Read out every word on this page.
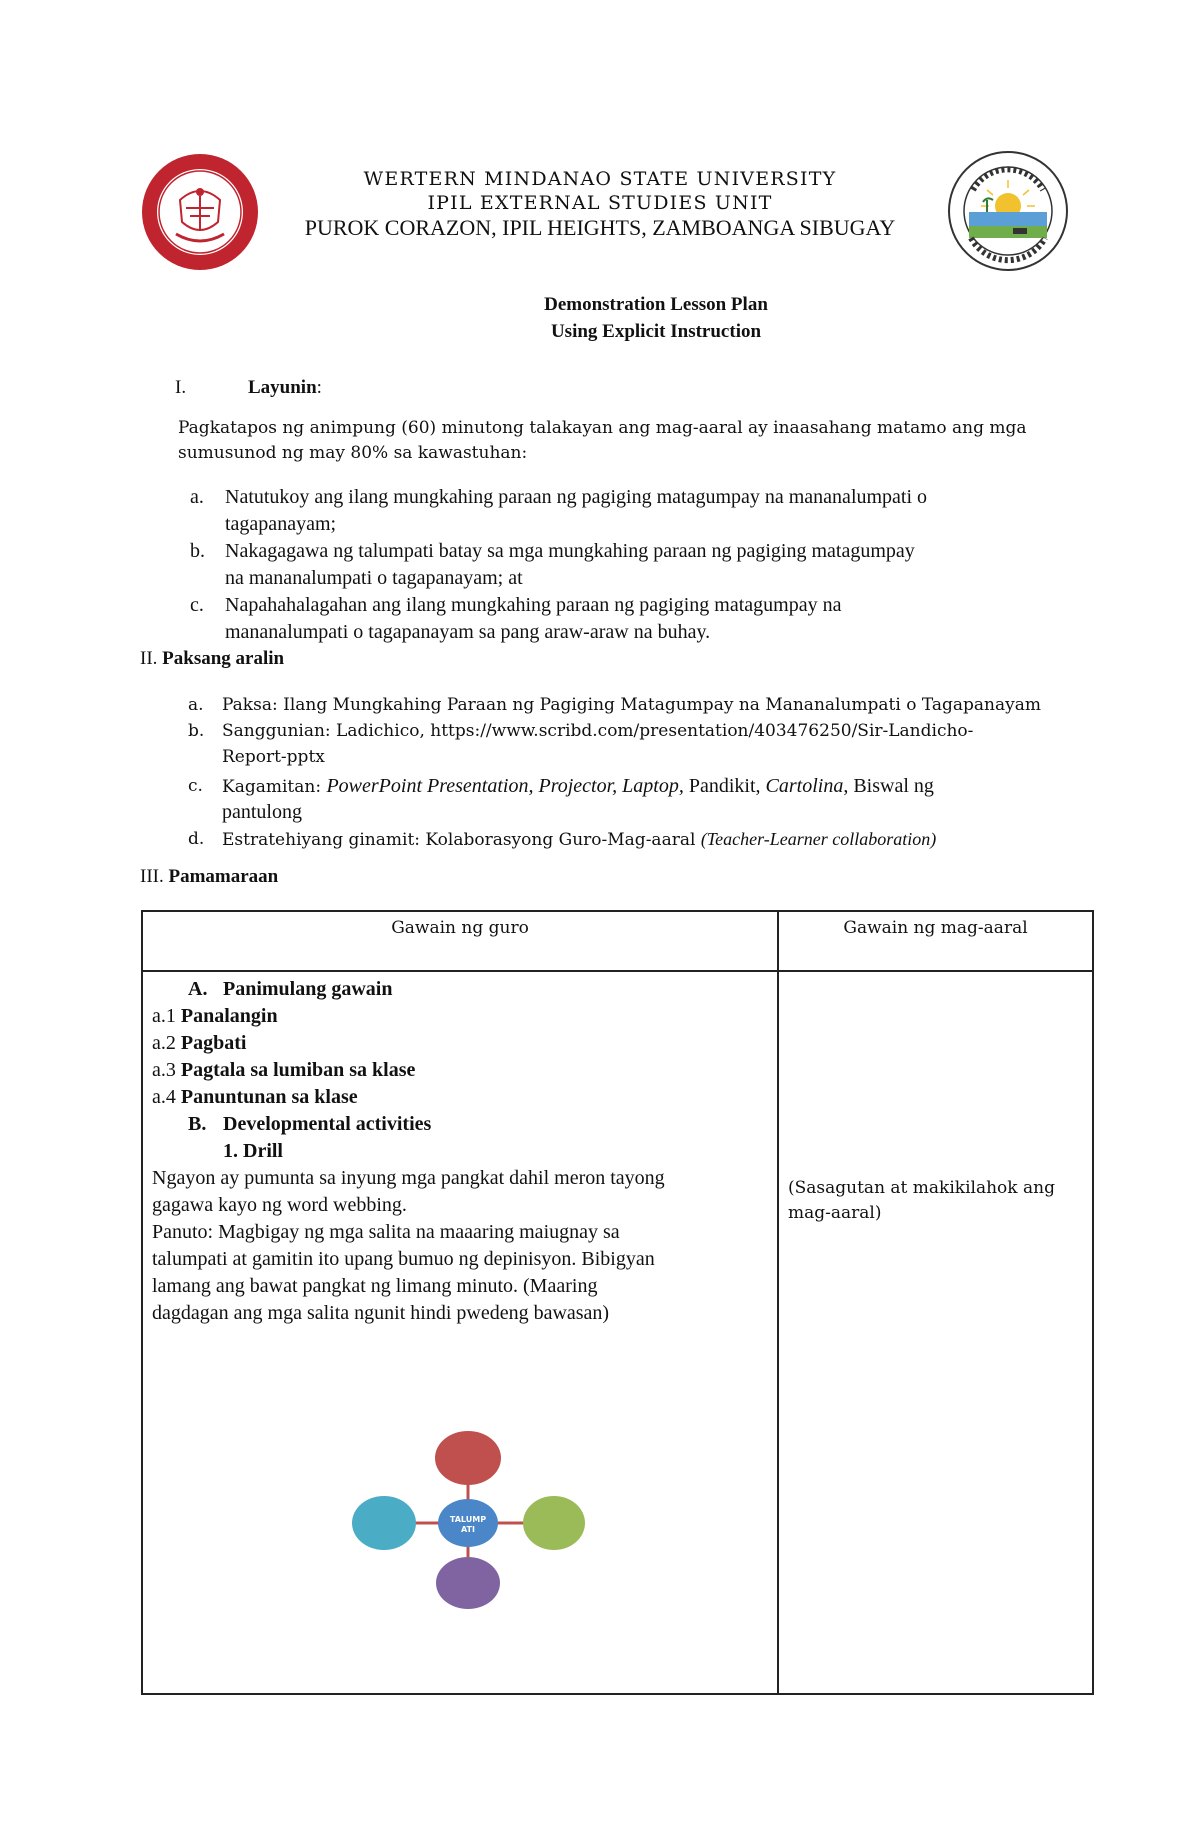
WERTERN MINDANAO STATE UNIVERSITY
IPIL EXTERNAL STUDIES UNIT
PUROK CORAZON, IPIL HEIGHTS, ZAMBOANGA SIBUGAY
Demonstration Lesson Plan
Using Explicit Instruction
I.	Layunin:
Pagkatapos ng animpung (60) minutong talakayan ang mag-aaral ay inaasahang matamo ang mga
sumusunod ng may 80% sa kawastuhan:
a. Natutukoy ang ilang mungkahing paraan ng pagiging matagumpay na mananalumpati o
tagapanayam;
b. Nakagagawa ng talumpati batay sa mga mungkahing paraan ng pagiging matagumpay
na mananalumpati o tagapanayam; at
c. Napahahalagahan ang ilang mungkahing paraan ng pagiging matagumpay na
mananalumpati o tagapanayam sa pang araw-araw na buhay.
II. Paksang aralin
a. Paksa: Ilang Mungkahing Paraan ng Pagiging Matagumpay na Mananalumpati o Tagapanayam
b. Sanggunian: Ladichico, https://www.scribd.com/presentation/403476250/Sir-Landicho-
Report-pptx
c. Kagamitan: PowerPoint Presentation, Projector, Laptop, Pandikit, Cartolina, Biswal ng
pantulong
d. Estratehiyang ginamit: Kolaborasyong Guro-Mag-aaral (Teacher-Learner collaboration)
III. Pamamaraan
Gawain ng guro	Gawain ng mag-aaral
A. Panimulang gawain
a.1 Panalangin
a.2 Pagbati
a.3 Pagtala sa lumiban sa klase
a.4 Panuntunan sa klase
B. Developmental activities
1. Drill
Ngayon ay pumunta sa inyung mga pangkat dahil meron tayong
gagawa kayo ng word webbing.
Panuto: Magbigay ng mga salita na maaaring maiugnay sa
talumpati at gamitin ito upang bumuo ng depinisyon. Bibigyan
lamang ang bawat pangkat ng limang minuto. (Maaring
dagdagan ang mga salita ngunit hindi pwedeng bawasan)
(Sasagutan at makikilahok ang
mag-aaral)
TALUMP
ATI
